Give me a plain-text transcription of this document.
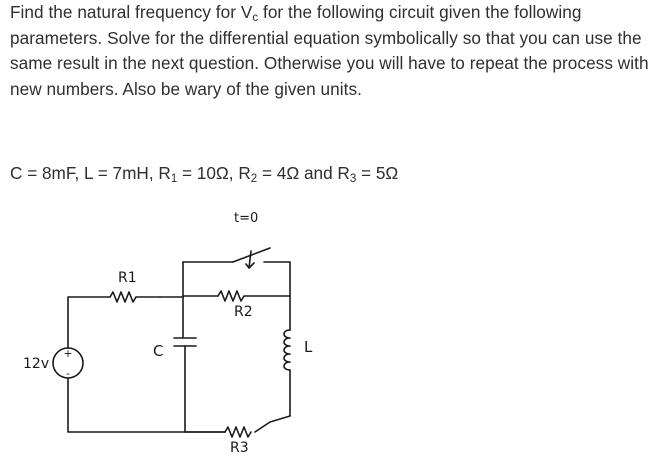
Find the natural frequency for $V_c$ for the following circuit given the following parameters. Solve for the differential equation symbolically so that you can use the same result in the next question. Otherwise you will have to repeat the process with new numbers. Also be wary of the given units.

C = 8mF, L = 7mH, $R_1 = 10\Omega$, $R_2 = 4\Omega$ and $R_3 = 5\Omega$
+
-
12v
R1
C
t=0
R2
L
R3
